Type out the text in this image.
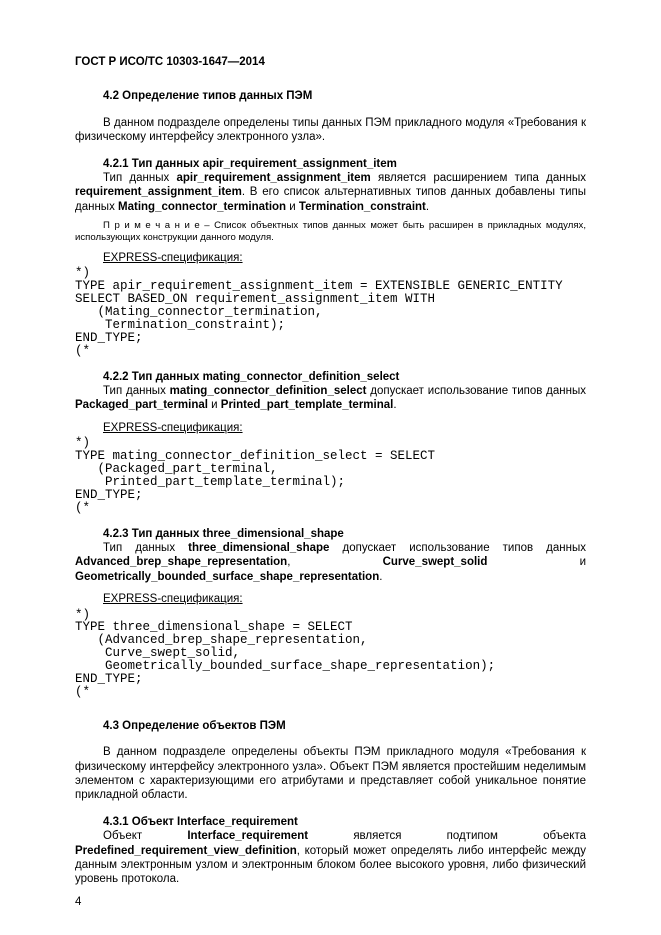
ГОСТ Р ИСО/ТС 10303-1647—2014

4.2 Определение типов данных ПЭМ

В данном подразделе определены типы данных ПЭМ прикладного модуля «Требования к физическому интерфейсу электронного узла».

4.2.1 Тип данных apir_requirement_assignment_item

Тип данных apir_requirement_assignment_item является расширением типа данных requirement_assignment_item. В его список альтернативных типов данных добавлены типы данных Mating_connector_termination и Termination_constraint.

П р и м е ч а н и е – Список объектных типов данных может быть расширен в прикладных модулях, использующих конструкции данного модуля.

EXPRESS-спецификация:

*)
TYPE apir_requirement_assignment_item = EXTENSIBLE GENERIC_ENTITY
SELECT BASED_ON requirement_assignment_item WITH
(Mating_connector_termination,
Termination_constraint);
END_TYPE;
(*

4.2.2 Тип данных mating_connector_definition_select

Тип данных mating_connector_definition_select допускает использование типов данных Packaged_part_terminal и Printed_part_template_terminal.

EXPRESS-спецификация:

*)
TYPE mating_connector_definition_select = SELECT
(Packaged_part_terminal,
Printed_part_template_terminal);
END_TYPE;
(*

4.2.3 Тип данных three_dimensional_shape

Тип данных three_dimensional_shape допускает использование типов данных Advanced_brep_shape_representation, Curve_swept_solid и Geometrically_bounded_surface_shape_representation.

EXPRESS-спецификация:

*)
TYPE three_dimensional_shape = SELECT
(Advanced_brep_shape_representation,
Curve_swept_solid,
Geometrically_bounded_surface_shape_representation);
END_TYPE;
(*

4.3 Определение объектов ПЭМ

В данном подразделе определены объекты ПЭМ прикладного модуля «Требования к физическому интерфейсу электронного узла». Объект ПЭМ является простейшим неделимым элементом с характеризующими его атрибутами и представляет собой уникальное понятие прикладной области.

4.3.1 Объект Interface_requirement

Объект Interface_requirement является подтипом объекта Predefined_requirement_view_definition, который может определять либо интерфейс между данным электронным узлом и электронным блоком более высокого уровня, либо физический уровень протокола.

4
